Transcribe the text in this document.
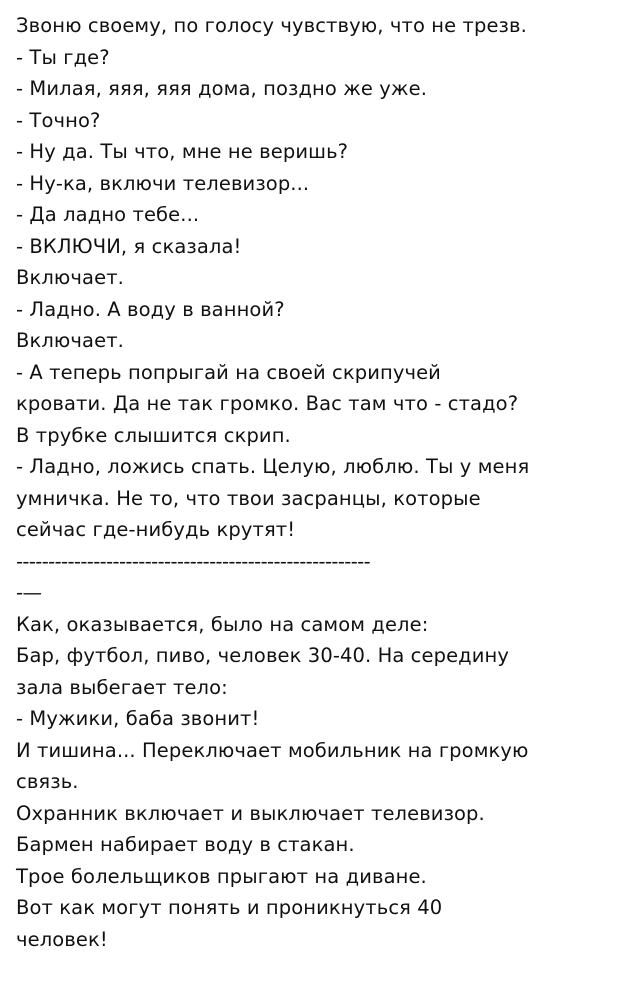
Звоню своему, по голосу чувствую, что не трезв.
- Ты где?
- Милая, яяя, яяя дома, поздно же уже.
- Точно?
- Ну да. Ты что, мне не веришь?
- Ну-ка, включи телевизор...
- Да ладно тебе...
- ВКЛЮЧИ, я сказала!
Включает.
- Ладно. А воду в ванной?
Включает.
- А теперь попрыгай на своей скрипучей
кровати. Да не так громко. Вас там что - стадо?
В трубке слышится скрип.
- Ладно, ложись спать. Целую, люблю. Ты у меня
умничка. Не то, что твои засранцы, которые
сейчас где-нибудь крутят!
-------------------------------------------------------
-—
Как, оказывается, было на самом деле:
Бар, футбол, пиво, человек 30-40. На середину
зала выбегает тело:
- Мужики, баба звонит!
И тишина... Переключает мобильник на громкую
связь.
Охранник включает и выключает телевизор.
Бармен набирает воду в стакан.
Трое болельщиков прыгают на диване.
Вот как могут понять и проникнуться 40
человек!
